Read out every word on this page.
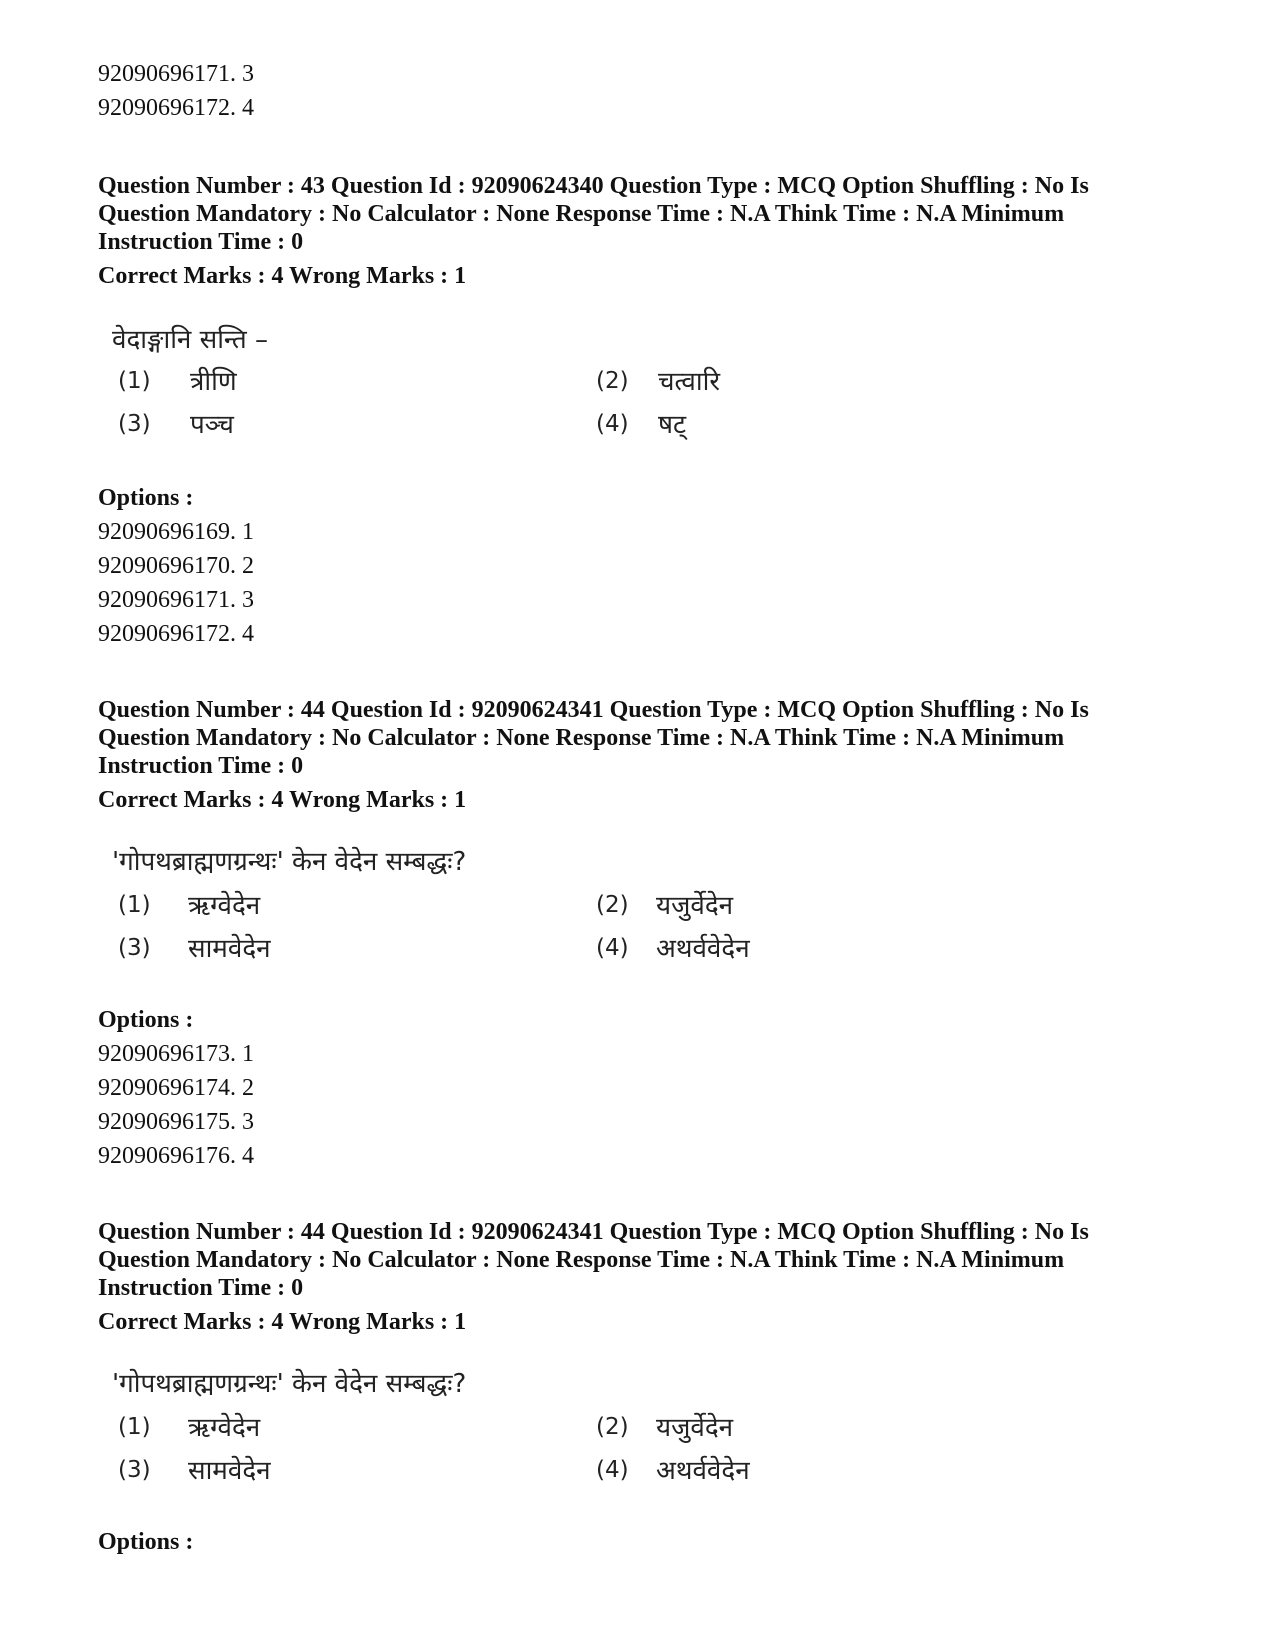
92090696171. 3
92090696172. 4
Question Number : 43 Question Id : 92090624340 Question Type : MCQ Option Shuffling : No Is Question Mandatory : No Calculator : None Response Time : N.A Think Time : N.A Minimum Instruction Time : 0
Correct Marks : 4 Wrong Marks : 1
वेदाङ्गानि सन्ति –
(1) त्रीणि	(2) चत्वारि
(3) पञ्च	(4) षट्
Options :
92090696169. 1
92090696170. 2
92090696171. 3
92090696172. 4
Question Number : 44 Question Id : 92090624341 Question Type : MCQ Option Shuffling : No Is Question Mandatory : No Calculator : None Response Time : N.A Think Time : N.A Minimum Instruction Time : 0
Correct Marks : 4 Wrong Marks : 1
'गोपथब्राह्मणग्रन्थः' केन वेदेन सम्बद्धः?
(1) ऋग्वेदेन	(2) यजुर्वेदेन
(3) सामवेदेन	(4) अथर्ववेदेन
Options :
92090696173. 1
92090696174. 2
92090696175. 3
92090696176. 4
Question Number : 44 Question Id : 92090624341 Question Type : MCQ Option Shuffling : No Is Question Mandatory : No Calculator : None Response Time : N.A Think Time : N.A Minimum Instruction Time : 0
Correct Marks : 4 Wrong Marks : 1
'गोपथब्राह्मणग्रन्थः' केन वेदेन सम्बद्धः?
(1) ऋग्वेदेन	(2) यजुर्वेदेन
(3) सामवेदेन	(4) अथर्ववेदेन
Options :
